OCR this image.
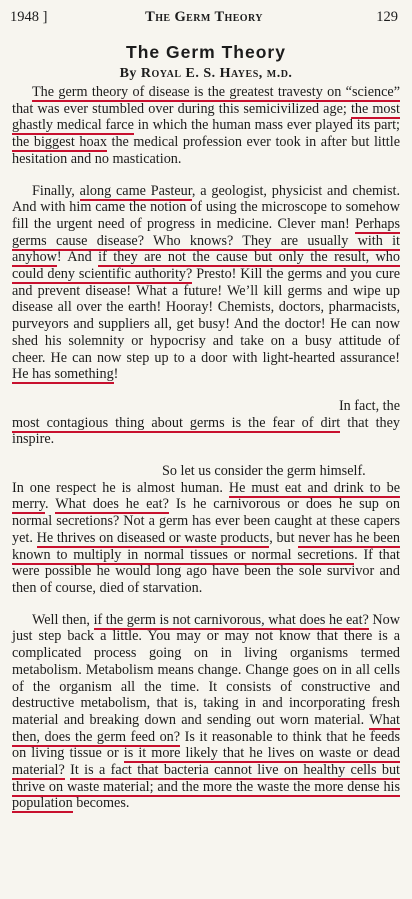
1948 ]	The Germ Theory	129
The Germ Theory
By Royal E. S. Hayes, m.d.

The germ theory of disease is the greatest travesty on “science” that was ever stumbled over during this semicivilized age; the most ghastly medical farce in which the human mass ever played its part; the biggest hoax the medical profession ever took in after but little hesitation and no mastication.

Finally, along came Pasteur, a geologist, physicist and chemist. And with him came the notion of using the microscope to somehow fill the urgent need of progress in medicine. Clever man! Perhaps germs cause disease? Who knows? They are usually with it anyhow! And if they are not the cause but only the result, who could deny scientific authority? Presto! Kill the germs and you cure and prevent disease! What a future! We’ll kill germs and wipe up disease all over the earth! Hooray! Chemists, doctors, pharmacists, purveyors and suppliers all, get busy! And the doctor! He can now shed his solemnity or hypocrisy and take on a busy attitude of cheer. He can now step up to a door with light-hearted assurance! He has something!

In fact, the

most contagious thing about germs is the fear of dirt that they inspire.

So let us consider the germ himself.

In one respect he is almost human. He must eat and drink to be merry. What does he eat? Is he carnivorous or does he sup on normal secretions? Not a germ has ever been caught at these capers yet. He thrives on diseased or waste products, but never has he been known to multiply in normal tissues or normal secretions. If that were possible he would long ago have been the sole survivor and then of course, died of starvation.

Well then, if the germ is not carnivorous, what does he eat? Now just step back a little. You may or may not know that there is a complicated process going on in living organisms termed metabolism. Metabolism means change. Change goes on in all cells of the organism all the time. It consists of constructive and destructive metabolism, that is, taking in and incorporating fresh material and breaking down and sending out worn material. What then, does the germ feed on? Is it reasonable to think that he feeds on living tissue or is it more likely that he lives on waste or dead material? It is a fact that bacteria cannot live on healthy cells but thrive on waste material; and the more the waste the more dense his population becomes.
